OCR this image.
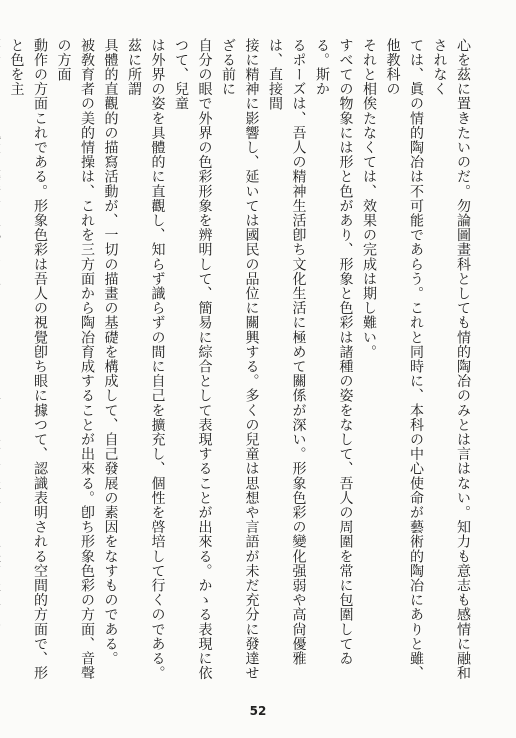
心を茲に置きたいのだ。勿論圖畫科としても情的陶冶のみとは言はない。知力も意志も感情に融和されなく
ては、眞の情的陶冶は不可能であらう。これと同時に、本科の中心使命が藝術的陶冶にありと雖、他教科の
それと相俟たなくては、效果の完成は期し難い。
すべての物象には形と色があり、形象と色彩は諸種の姿をなして、吾人の周圍を常に包圍してゐる。斯か
るポーズは、吾人の精神生活卽ち文化生活に極めて關係が深い。形象色彩の變化强弱や高尙優雅は、直接間
接に精神に影響し、延いては國民の品位に關興する。多くの兒童は思想や言語が未だ充分に發達せざる前に
自分の眼で外界の色彩形象を辨明して、簡易に綜合として表現することが出來る。かゝる表現に依つて、兒童
は外界の姿を具體的に直觀し、知らず識らずの間に自己を擴充し、個性を啓培して行くのである。茲に所謂
具體的直觀的の描寫活動が、一切の描畫の基礎を構成して、自己發展の素因をなすものである。
被敎育者の美的情操は、これを三方面から陶冶育成することが出來る。卽ち形象色彩の方面、音聲の方面
動作の方面これである。形象色彩は吾人の視覺卽ち眼に據つて、認識表明される空間的方面で、形と色を主
52
